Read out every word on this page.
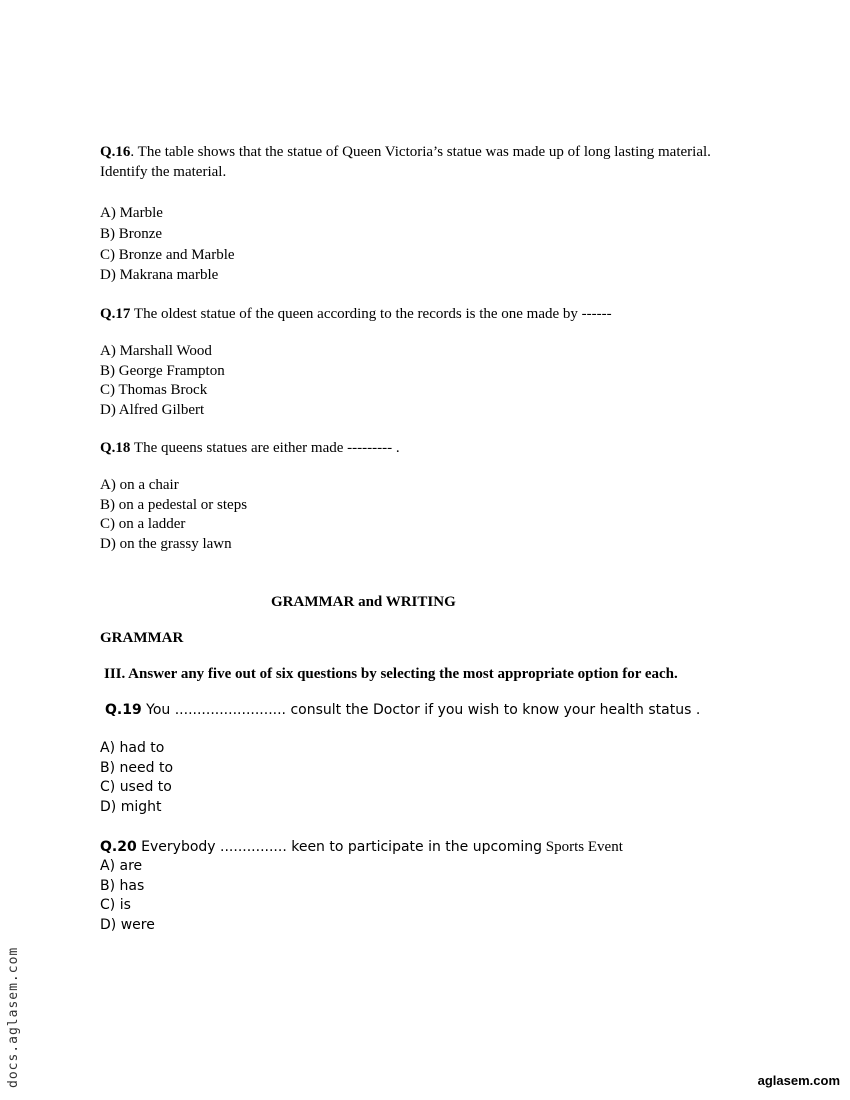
Q.16. The table shows that the statue of Queen Victoria’s statue was made up of long lasting material. Identify the material.
A) Marble
B) Bronze
C) Bronze and Marble
D) Makrana marble
Q.17 The oldest statue of the queen according to the records is the one made by ------
A) Marshall Wood
B) George Frampton
C) Thomas Brock
D) Alfred Gilbert
Q.18 The queens statues are either made --------- .
A) on a chair
B) on a pedestal or steps
C) on a ladder
D) on the grassy lawn
GRAMMAR and WRITING
GRAMMAR
III. Answer any five out of six questions by selecting the most appropriate option for each.
Q.19 You ......................... consult the Doctor if you wish to know your health status .
A) had to
B) need to
C) used to
D) might
Q.20 Everybody ............... keen to participate in the upcoming Sports Event
A) are
B) has
C) is
D) were
docs.aglasem.com	aglasem.com
